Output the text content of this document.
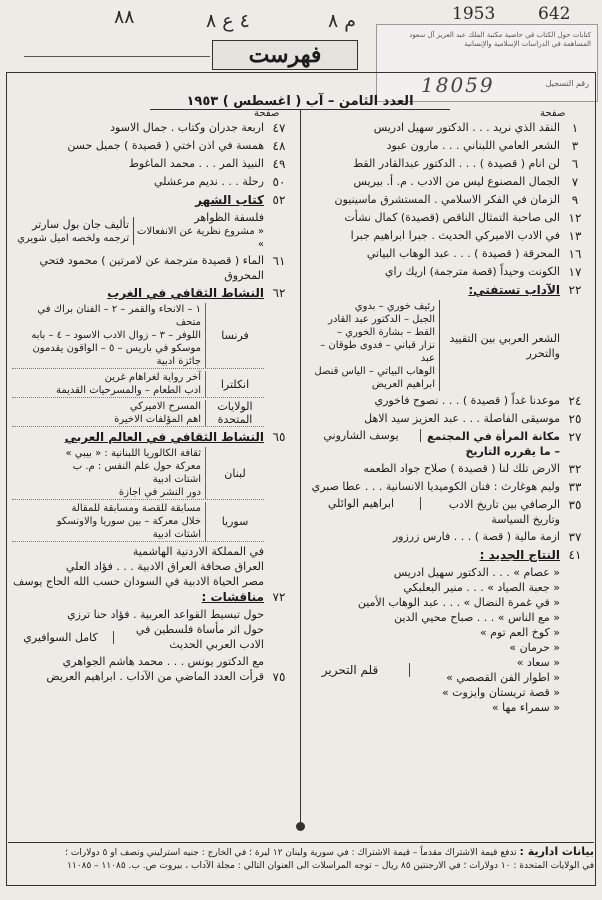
٨٨	٤ ع ٨	م ٨	1953	642
كتابات حول الكتاب في حاصية مكتبة الملك عبد العزيز آل سعود
المساهمة في الدراسات الإسلامية والإنسانية
رقم التسجيل
18059
فهرست
العدد الثامن – آب ( اغسطس ) ١٩٥٣
صفحة
صفحة
١
النقد الذي نريد . . . الدكتور سهيل ادريس
٣
الشعر العامي اللبناني . . . مارون عبود
٦
لن انام ( قصيدة ) . . . الدكتور عبدالقادر القط
٧
الجمال المصنوع ليس من الادب . م. أ. بيريس
٩
الزمان في الفكر الاسلامي . المستشرق ماسينيون
١٢
الى صاحبة التمثال الناقص (قصيدة) كمال نشأت
١٣
في الادب الاميركي الحديث . جبرا ابراهيم جبرا
١٦
المحرقة ( قصيدة ) . . . عبد الوهاب البياتي
١٧
الكونت وحيداً (قصة مترجمة) اريك راي
٢٢
الآداب تستفتي:
الشعر العربي بين التقييد والتحرر
رئيف خوري – بدوي
الجبل – الدكتور عبد القادر
القط – بشارة الخوري –
نزار قباني – فدوى طوقان – عبد
الوهاب البياتي – الياس قنصل
ابراهيم العريض
٢٤
موعدنا غداً ( قصيدة ) . . . نصوح فاخوري
٢٥
موسيقى الفاصلة . . . عبد العزيز سيد الاهل
٢٧
مكانة المرأة في المجتمع – ما يقرره التاريخ
يوسف الشاروني
٣٢
الارض تلك لنا ( قصيدة ) صلاح جواد الطعمه
٣٣
وليم هوغارث : فنان الكوميديا الانسانية . . . عطا صبري
٣٥
الرصافي بين تاريخ الادب وتاريخ السياسة
ابراهيم الوائلي
٣٧
ازمة مالية ( قصة ) . . . فارس زرزور
٤١
النتاج الجديد :
« عصام » . . . الدكتور سهيل ادريس
« جعبة الصياد » . . . منير البعلبكي
« في غمرة النضال » . . . عبد الوهاب الأمين
« مع الناس » . . . صباح محيي الدين
« كوخ العم توم »
« حرمان »
« سعاد »
« اطوار الفن القصصي »
« قصة تريستان وايزوت »
« سمراء مها »
قلم التحرير
٤٧
اربعة جدران وكتاب . جمال الاسود
٤٨
همسة في اذن اختي ( قصيدة ) جميل حسن
٤٩
النبيذ المر . . . محمد الماغوط
٥٠
رحلة . . . نديم مرعشلي
٥٢
كتاب الشهر
فلسفة الظواهر
« مشروع نظرية عن الانفعالات »
تأليف جان بول سارتر
ترجمه ولخصه اميل شويري
٦١
الماء ( قصيدة مترجمة عن لامرتين ) محمود فتحي المحروق
٦٢
النشاط الثقافي في الغرب
فرنسا
١ – الانحاء والقمر – ٢ – الفنان براك في متحف
اللوفر – ٣ – زوال الادب الاسود – ٤ – بابه
موسكو في باريس – ٥ – الواقون يقدمون
جائزة ادبية
انكلترا
آخر رواية لغراهام غرين
ادب الطعام – والمسرحيات القديمة
الولايات المتحدة
المسرح الاميركي
اهم المؤلفات الاخيرة
٦٥
النشاط الثقافي في العالم العربي
لبنان
ثقافة الكالوريا اللبنانية : « بيبي »
معركة حول علم النفس : م. ب
اشتات ادبية
دور النشر في اجازة
سوريا
مسابقة للقصة ومسابقة للمقالة
خلال معركة – بين سوريا والاونسكو
اشتات ادبية
في المملكة الاردنية الهاشمية
العراق صحافة العراق الادبية . . . فؤاد العلي
مصر الحياة الادبية في السودان حسب الله الحاج يوسف
٧٢
مناقشات :
حول تبسيط القواعد العربية . فؤاد حنا ترزي
حول اثر مأساة فلسطين في الادب العربي الحديث
كامل السوافيري
مع الدكتور يونس . . . محمد هاشم الجواهري
٧٥
قرأت العدد الماضي من الآداب . ابراهيم العريض
بيانات ادارية : تدفع قيمة الاشتراك مقدماً – قيمة الاشتراك : في سورية ولبنان ١٢ ليرة ؛ في الخارج : جنيه استرليني ونصف او ٥ دولارات ؛
في الولايات المتحدة : ١٠ دولارات ؛ في الارجنتين ٨٥ ريال – توجه المراسلات الى العنوان التالي : مجلة الآداب ، بيروت ص. ب. ١١٠٨٥ – ١١٠٨٥
